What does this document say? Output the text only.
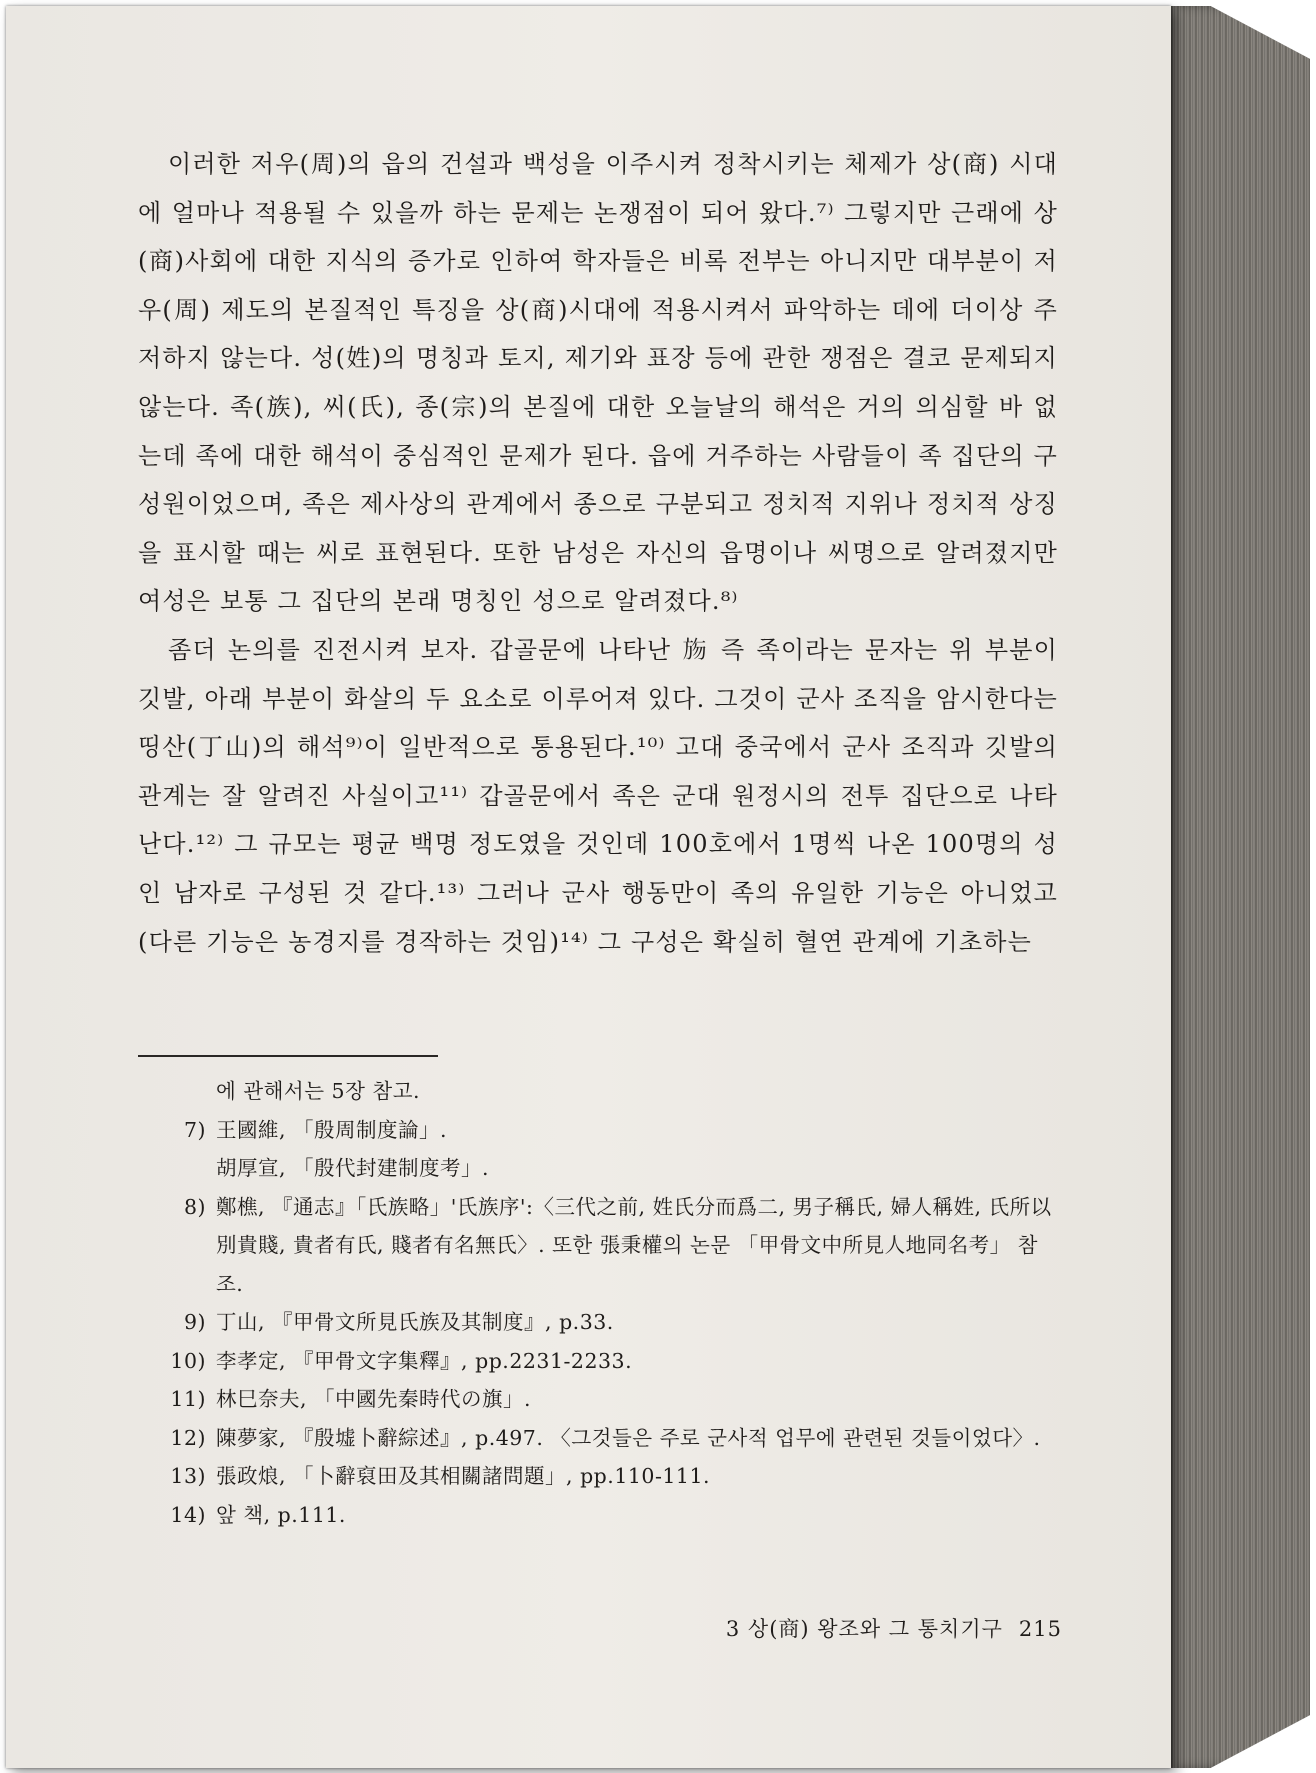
이러한 저우(周)의 읍의 건설과 백성을 이주시켜 정착시키는 체제가 상(商) 시대에 얼마나 적용될 수 있을까 하는 문제는 논쟁점이 되어 왔다.⁷⁾ 그렇지만 근래에 상(商)사회에 대한 지식의 증가로 인하여 학자들은 비록 전부는 아니지만 대부분이 저우(周) 제도의 본질적인 특징을 상(商)시대에 적용시켜서 파악하는 데에 더이상 주저하지 않는다. 성(姓)의 명칭과 토지, 제기와 표장 등에 관한 쟁점은 결코 문제되지 않는다. 족(族), 씨(氏), 종(宗)의 본질에 대한 오늘날의 해석은 거의 의심할 바 없는데 족에 대한 해석이 중심적인 문제가 된다. 읍에 거주하는 사람들이 족 집단의 구성원이었으며, 족은 제사상의 관계에서 종으로 구분되고 정치적 지위나 정치적 상징을 표시할 때는 씨로 표현된다. 또한 남성은 자신의 읍명이나 씨명으로 알려졌지만 여성은 보통 그 집단의 본래 명칭인 성으로 알려졌다.⁸⁾

좀더 논의를 진전시켜 보자. 갑골문에 나타난 𣃦 즉 족이라는 문자는 위 부분이 깃발, 아래 부분이 화살의 두 요소로 이루어져 있다. 그것이 군사 조직을 암시한다는 띵산(丁山)의 해석⁹⁾이 일반적으로 통용된다.¹⁰⁾ 고대 중국에서 군사 조직과 깃발의 관계는 잘 알려진 사실이고¹¹⁾ 갑골문에서 족은 군대 원정시의 전투 집단으로 나타난다.¹²⁾ 그 규모는 평균 백명 정도였을 것인데 100호에서 1명씩 나온 100명의 성인 남자로 구성된 것 같다.¹³⁾ 그러나 군사 행동만이 족의 유일한 기능은 아니었고(다른 기능은 농경지를 경작하는 것임)¹⁴⁾ 그 구성은 확실히 혈연 관계에 기초하는

에 관해서는 5장 참고.
7) 王國維, 「殷周制度論」.
胡厚宣, 「殷代封建制度考」.
8) 鄭樵, 『通志』「氏族略」'氏族序':〈三代之前, 姓氏分而爲二, 男子稱氏, 婦人稱姓, 氏所以別貴賤, 貴者有氏, 賤者有名無氏〉. 또한 張秉權의 논문 「甲骨文中所見人地同名考」 참조.
9) 丁山, 『甲骨文所見氏族及其制度』, p.33.
10) 李孝定, 『甲骨文字集釋』, pp.2231-2233.
11) 林巳奈夫, 「中國先秦時代の旗」.
12) 陳夢家, 『殷墟卜辭綜述』, p.497. 〈그것들은 주로 군사적 업무에 관련된 것들이었다〉.
13) 張政烺, 「卜辭裒田及其相關諸問題」, pp.110-111.
14) 앞 책, p.111.
3 상(商) 왕조와 그 통치기구 215
